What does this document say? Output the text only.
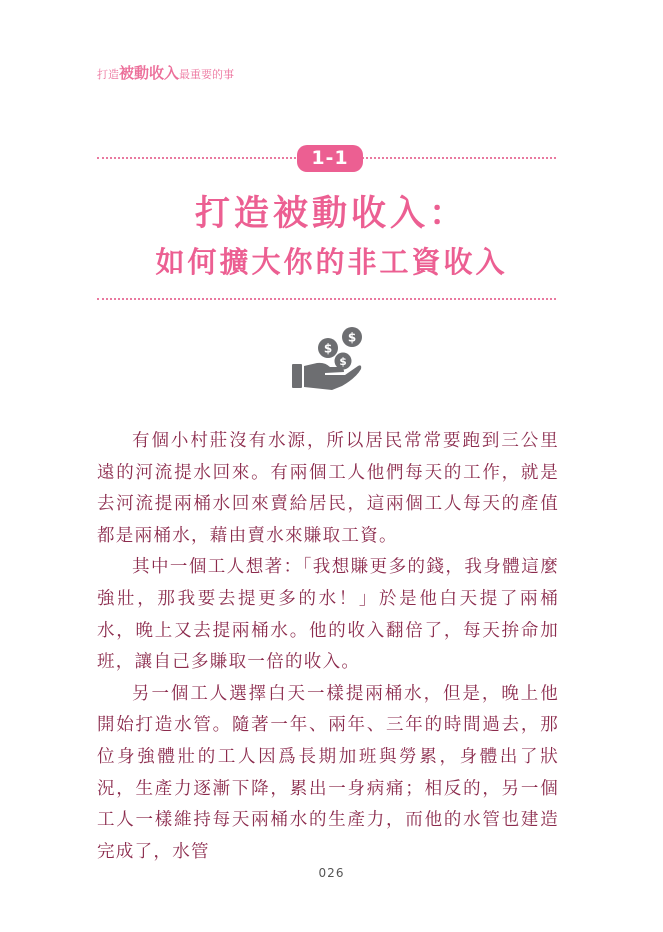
打造被動收入最重要的事
1-1
打造被動收入：
如何擴大你的非工資收入
$
$
$

有個小村莊沒有水源，所以居民常常要跑到三公里遠的河流提水回來。有兩個工人他們每天的工作，就是去河流提兩桶水回來賣給居民，這兩個工人每天的產值都是兩桶水，藉由賣水來賺取工資。

其中一個工人想著：「我想賺更多的錢，我身體這麼強壯，那我要去提更多的水！」於是他白天提了兩桶水，晚上又去提兩桶水。他的收入翻倍了，每天拚命加班，讓自己多賺取一倍的收入。

另一個工人選擇白天一樣提兩桶水，但是，晚上他開始打造水管。隨著一年、兩年、三年的時間過去，那位身強體壯的工人因爲長期加班與勞累，身體出了狀況，生產力逐漸下降，累出一身病痛；相反的，另一個工人一樣維持每天兩桶水的生產力，而他的水管也建造完成了，水管

026
